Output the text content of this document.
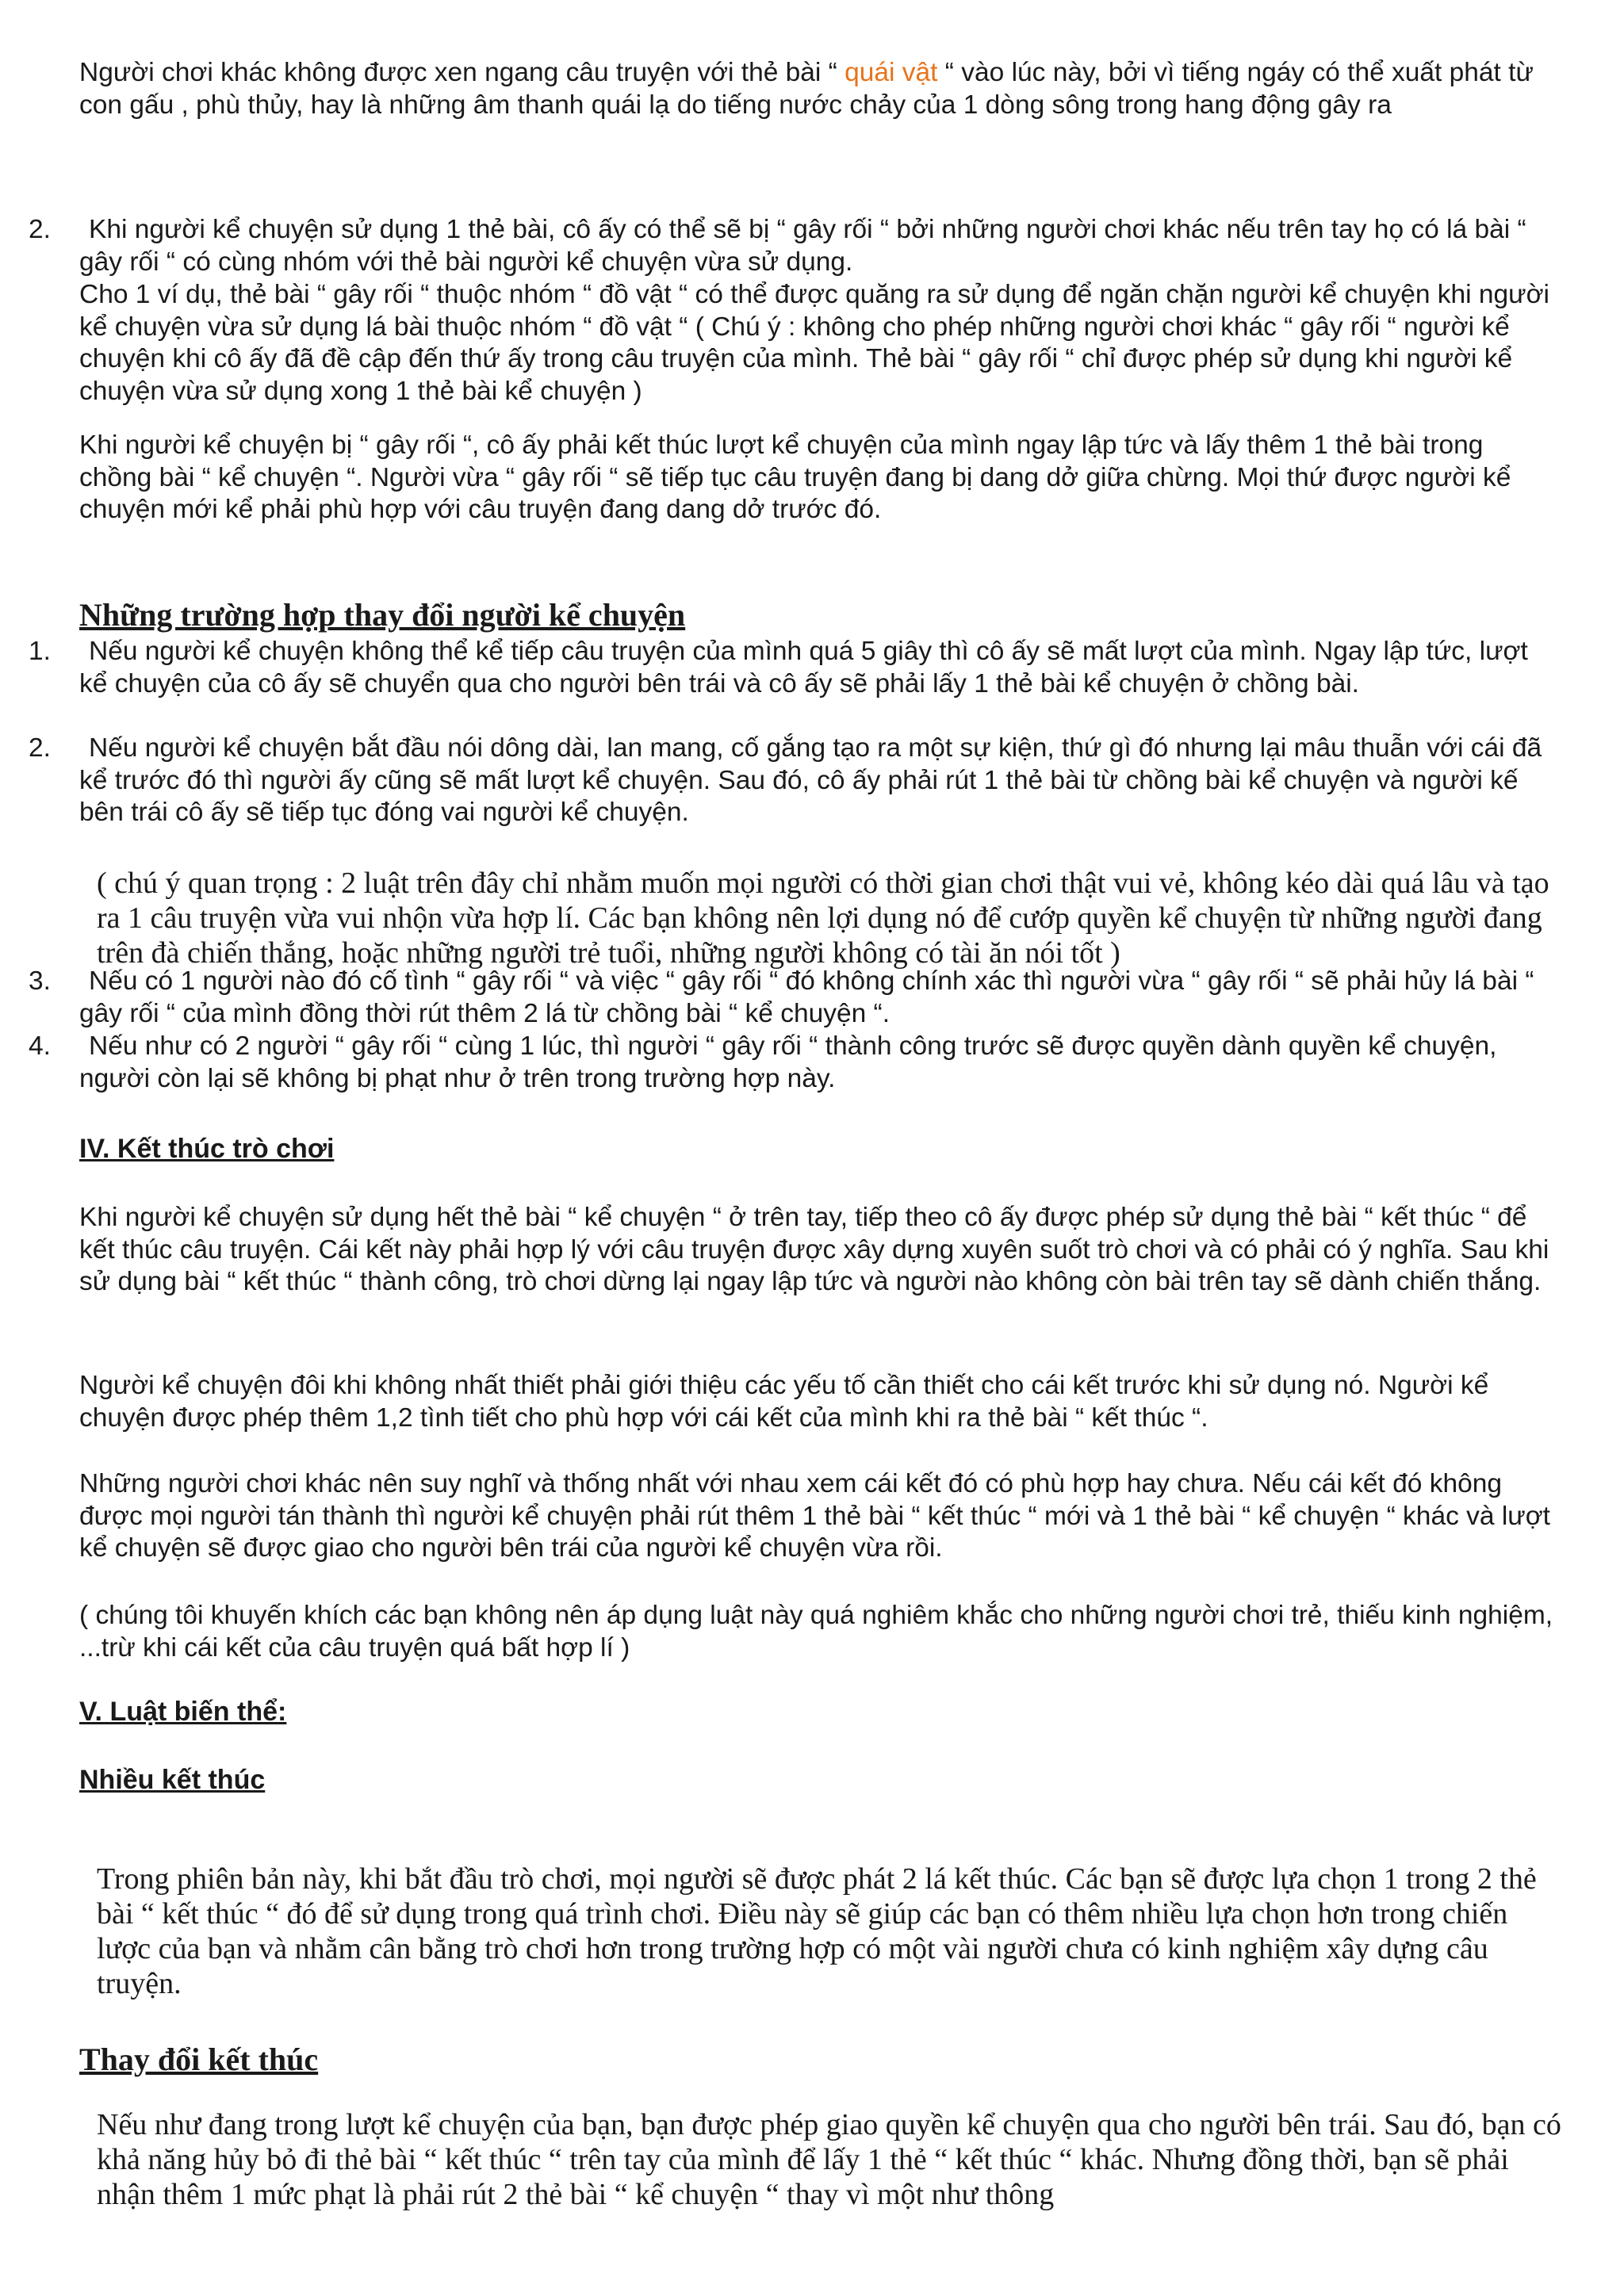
Người chơi khác không được xen ngang câu truyện với thẻ bài “ quái vật “ vào lúc này, bởi vì tiếng ngáy có thể xuất phát từ con gấu , phù thủy, hay là những âm thanh quái lạ do tiếng nước chảy của 1 dòng sông trong hang động gây ra

2.	Khi người kể chuyện sử dụng 1 thẻ bài, cô ấy có thể sẽ bị “ gây rối “ bởi những người chơi khác nếu trên tay họ có lá bài “ gây rối “ có cùng nhóm với thẻ bài người kể chuyện vừa sử dụng.

Cho 1 ví dụ, thẻ bài “ gây rối “ thuộc nhóm “ đồ vật “ có thể được quăng ra sử dụng để ngăn chặn người kể chuyện khi người kể chuyện vừa sử dụng lá bài thuộc nhóm “ đồ vật “ ( Chú ý : không cho phép những người chơi khác “ gây rối “ người kể chuyện khi cô ấy đã đề cập đến thứ ấy trong câu truyện của mình. Thẻ bài “ gây rối “ chỉ được phép sử dụng khi người kể chuyện vừa sử dụng xong 1 thẻ bài kể chuyện )

Khi người kể chuyện bị “ gây rối “, cô ấy phải kết thúc lượt kể chuyện của mình ngay lập tức và lấy thêm 1 thẻ bài trong chồng bài “ kể chuyện “. Người vừa “ gây rối “ sẽ tiếp tục câu truyện đang bị dang dở giữa chừng. Mọi thứ được người kể chuyện mới kể phải phù hợp với câu truyện đang dang dở trước đó.

Những trường hợp thay đổi người kể chuyện
1.	Nếu người kể chuyện không thể kể tiếp câu truyện của mình quá 5 giây thì cô ấy sẽ mất lượt của mình. Ngay lập tức, lượt kể chuyện của cô ấy sẽ chuyển qua cho người bên trái và cô ấy sẽ phải lấy 1 thẻ bài kể chuyện ở chồng bài.

2.	Nếu người kể chuyện bắt đầu nói dông dài, lan mang, cố gắng tạo ra một sự kiện, thứ gì đó nhưng lại mâu thuẫn với cái đã kể trước đó thì người ấy cũng sẽ mất lượt kể chuyện. Sau đó, cô ấy phải rút 1 thẻ bài từ chồng bài kể chuyện và người kế bên trái cô ấy sẽ tiếp tục đóng vai người kể chuyện.

( chú ý quan trọng : 2 luật trên đây chỉ nhằm muốn mọi người có thời gian chơi thật vui vẻ, không kéo dài quá lâu và tạo ra 1 câu truyện vừa vui nhộn vừa hợp lí. Các bạn không nên lợi dụng nó để cướp quyền kể chuyện từ những người đang trên đà chiến thắng, hoặc những người trẻ tuổi, những người không có tài ăn nói tốt )

3.	Nếu có 1 người nào đó cố tình “ gây rối “ và việc “ gây rối “ đó không chính xác thì người vừa “ gây rối “ sẽ phải hủy lá bài “ gây rối “ của mình đồng thời rút thêm 2 lá từ chồng bài “ kể chuyện “.

4.	Nếu như có 2 người “ gây rối “ cùng 1 lúc, thì người “ gây rối “ thành công trước sẽ được quyền dành quyền kể chuyện, người còn lại sẽ không bị phạt như ở trên trong trường hợp này.

IV. Kết thúc trò chơi

Khi người kể chuyện sử dụng hết thẻ bài “ kể chuyện “ ở trên tay, tiếp theo cô ấy được phép sử dụng thẻ bài “ kết thúc “ để kết thúc câu truyện. Cái kết này phải hợp lý với câu truyện được xây dựng xuyên suốt trò chơi và có phải có ý nghĩa. Sau khi sử dụng bài “ kết thúc “ thành công, trò chơi dừng lại ngay lập tức và người nào không còn bài trên tay sẽ dành chiến thắng.

Người kể chuyện đôi khi không nhất thiết phải giới thiệu các yếu tố cần thiết cho cái kết trước khi sử dụng nó. Người kể chuyện được phép thêm 1,2 tình tiết cho phù hợp với cái kết của mình khi ra thẻ bài “ kết thúc “.

Những người chơi khác nên suy nghĩ và thống nhất với nhau xem cái kết đó có phù hợp hay chưa. Nếu cái kết đó không được mọi người tán thành thì người kể chuyện phải rút thêm 1 thẻ bài “ kết thúc “ mới và 1 thẻ bài “ kể chuyện “ khác và lượt kể chuyện sẽ được giao cho người bên trái của người kể chuyện vừa rồi.

( chúng tôi khuyến khích các bạn không nên áp dụng luật này quá nghiêm khắc cho những người chơi trẻ, thiếu kinh nghiệm, ...trừ khi cái kết của câu truyện quá bất hợp lí )

V. Luật biến thể:
Nhiều kết thúc

Trong phiên bản này, khi bắt đầu trò chơi, mọi người sẽ được phát 2 lá kết thúc. Các bạn sẽ được lựa chọn 1 trong 2 thẻ bài “ kết thúc “ đó để sử dụng trong quá trình chơi. Điều này sẽ giúp các bạn có thêm nhiều lựa chọn hơn trong chiến lược của bạn và nhằm cân bằng trò chơi hơn trong trường hợp có một vài người chưa có kinh nghiệm xây dựng câu truyện.

Thay đổi kết thúc

Nếu như đang trong lượt kể chuyện của bạn, bạn được phép giao quyền kể chuyện qua cho người bên trái. Sau đó, bạn có khả năng hủy bỏ đi thẻ bài “ kết thúc “ trên tay của mình để lấy 1 thẻ “ kết thúc “ khác. Nhưng đồng thời, bạn sẽ phải nhận thêm 1 mức phạt là phải rút 2 thẻ bài “ kể chuyện “ thay vì một như thông
